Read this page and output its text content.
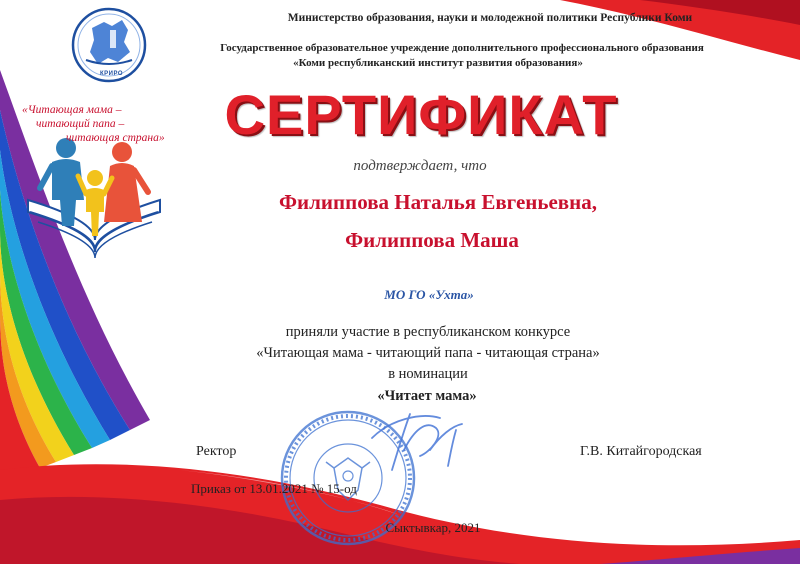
КРИРО
«Читающая мама –
читающий папа –
читающая страна»
Министерство образования, науки и молодежной политики Республики Коми
Государственное образовательное учреждение дополнительного профессионального образования
«Коми республиканский институт развития образования»
СЕРТИФИКАТ
подтверждает, что
Филиппова Наталья Евгеньевна,
Филиппова Маша
МО ГО «Ухта»
приняли участие в республиканском конкурсе
«Читающая мама - читающий папа - читающая страна»
в номинации
«Читает мама»
Ректор	Г.В. Китайгородская
Приказ от 13.01.2021 № 15-од
Сыктывкар, 2021
